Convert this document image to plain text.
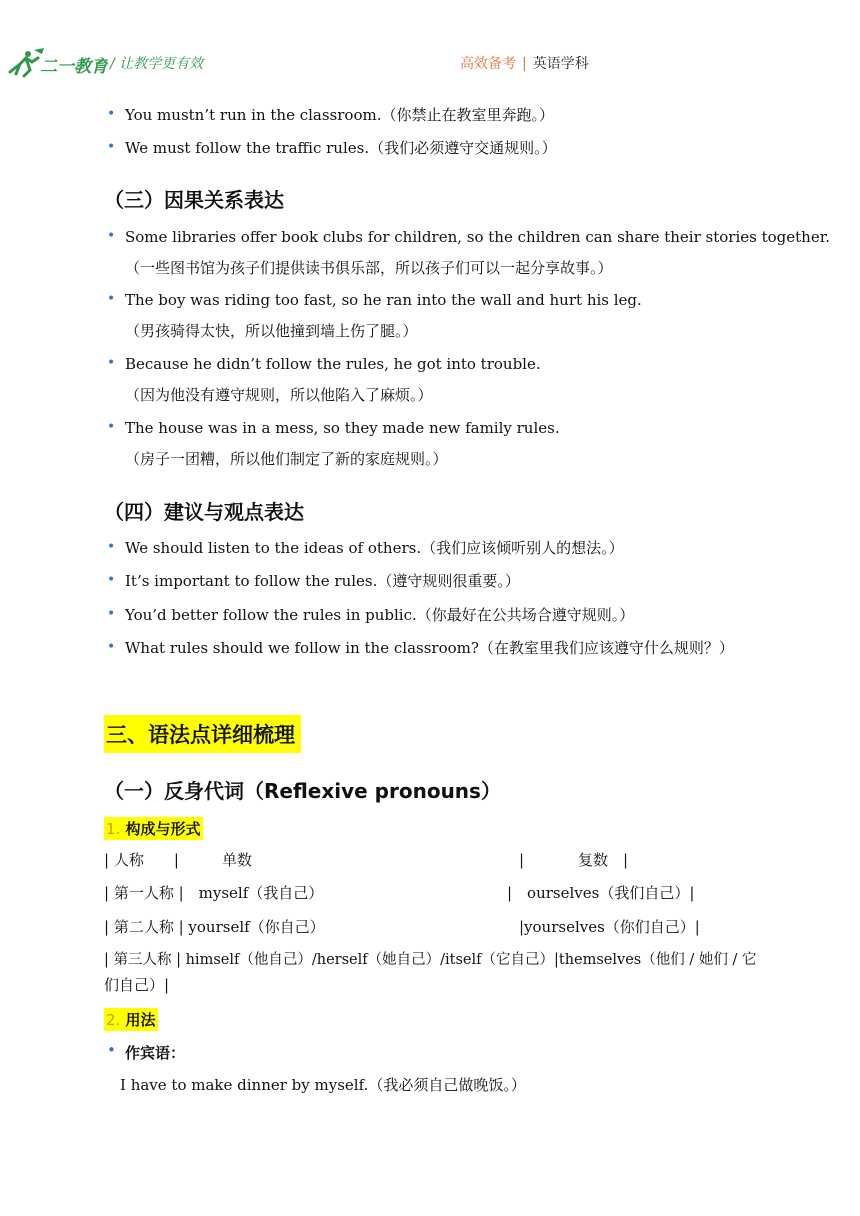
二一教育 / 让教学更有效	高效备考 | 英语学科
• You mustn’t run in the classroom.（你禁止在教室里奔跑。）
• We must follow the traffic rules.（我们必须遵守交通规则。）
（三）因果关系表达
• Some libraries offer book clubs for children, so the children can share their stories together.
（一些图书馆为孩子们提供读书俱乐部，所以孩子们可以一起分享故事。）
• The boy was riding too fast, so he ran into the wall and hurt his leg.
（男孩骑得太快，所以他撞到墙上伤了腿。）
• Because he didn’t follow the rules, he got into trouble.
（因为他没有遵守规则，所以他陷入了麻烦。）
• The house was in a mess, so they made new family rules.
（房子一团糟，所以他们制定了新的家庭规则。）
（四）建议与观点表达
• We should listen to the ideas of others.（我们应该倾听别人的想法。）
• It’s important to follow the rules.（遵守规则很重要。）
• You’d better follow the rules in public.（你最好在公共场合遵守规则。）
• What rules should we follow in the classroom?（在教室里我们应该遵守什么规则？）
三、语法点详细梳理
（一）反身代词（Reflexive pronouns）
1. 构成与形式
| 人称　　|	单数	|	复数　|
| 第一人称 |　myself（我自己）	|　ourselves（我们自己）|
| 第二人称 | yourself（你自己）	|yourselves（你们自己）|
| 第三人称 | himself（他自己）/herself（她自己）/itself（它自己）|themselves（他们 / 她们 / 它
们自己）|
2. 用法
• 作宾语：
I have to make dinner by myself.（我必须自己做晚饭。）
